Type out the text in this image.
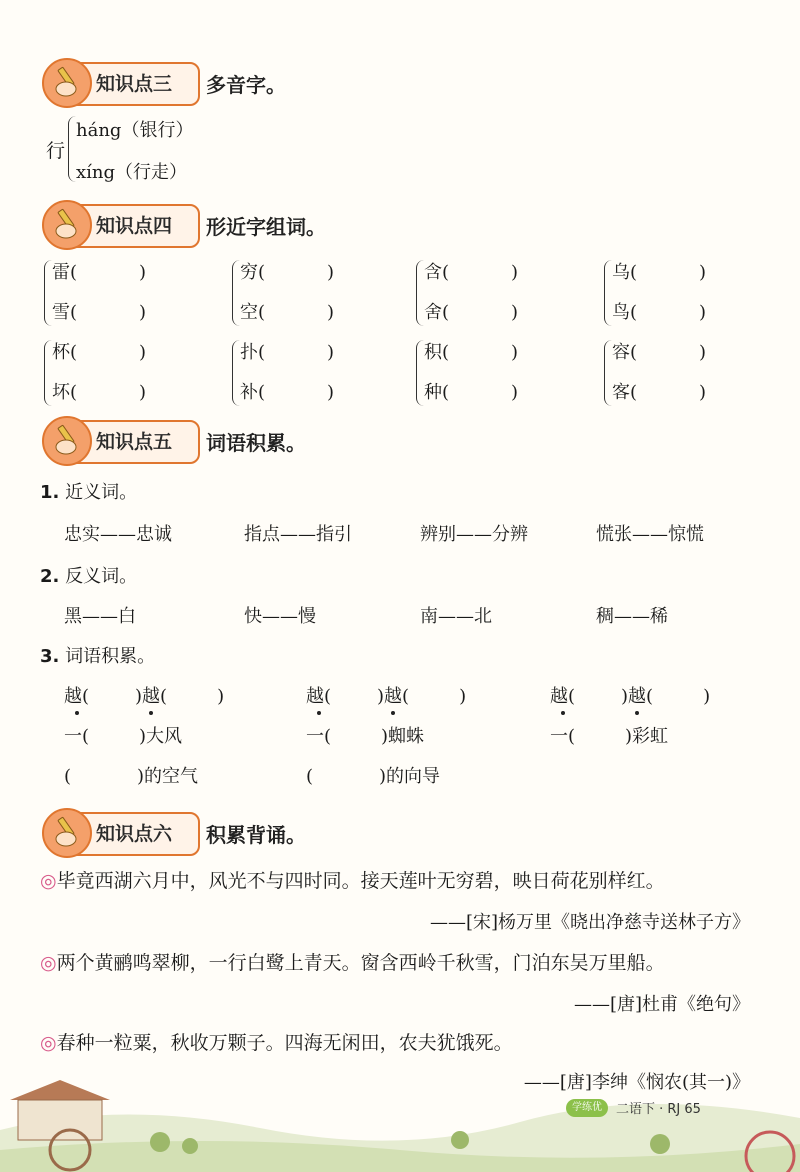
知识点三 多音字。
行
háng（银行）
xíng（行走）
知识点四 形近字组词。
雷(	)
雪(	)
穷(	)
空(	)
含(	)
舍(	)
乌(	)
鸟(	)
杯(	)
坏(	)
扑(	)
补(	)
积(	)
种(	)
容(	)
客(	)
知识点五 词语积累。
1. 近义词。
忠实——忠诚	指点——指引	辨别——分辨	慌张——惊慌
2. 反义词。
黑——白	快——慢	南——北	稠——稀
3. 词语积累。
越(	)越(	)	越(	)越(	)	越(	)越(	)
一(	)大风	一(	)蜘蛛	一(	)彩虹
(	)的空气	(	)的向导
知识点六 积累背诵。
◎毕竟西湖六月中，风光不与四时同。接天莲叶无穷碧，映日荷花别样红。
——[宋]杨万里《晓出净慈寺送林子方》
◎两个黄鹂鸣翠柳，一行白鹭上青天。窗含西岭千秋雪，门泊东吴万里船。
——[唐]杜甫《绝句》
◎春种一粒粟，秋收万颗子。四海无闲田，农夫犹饿死。
——[唐]李绅《悯农(其一)》
学练优	二语下 · RJ 65
